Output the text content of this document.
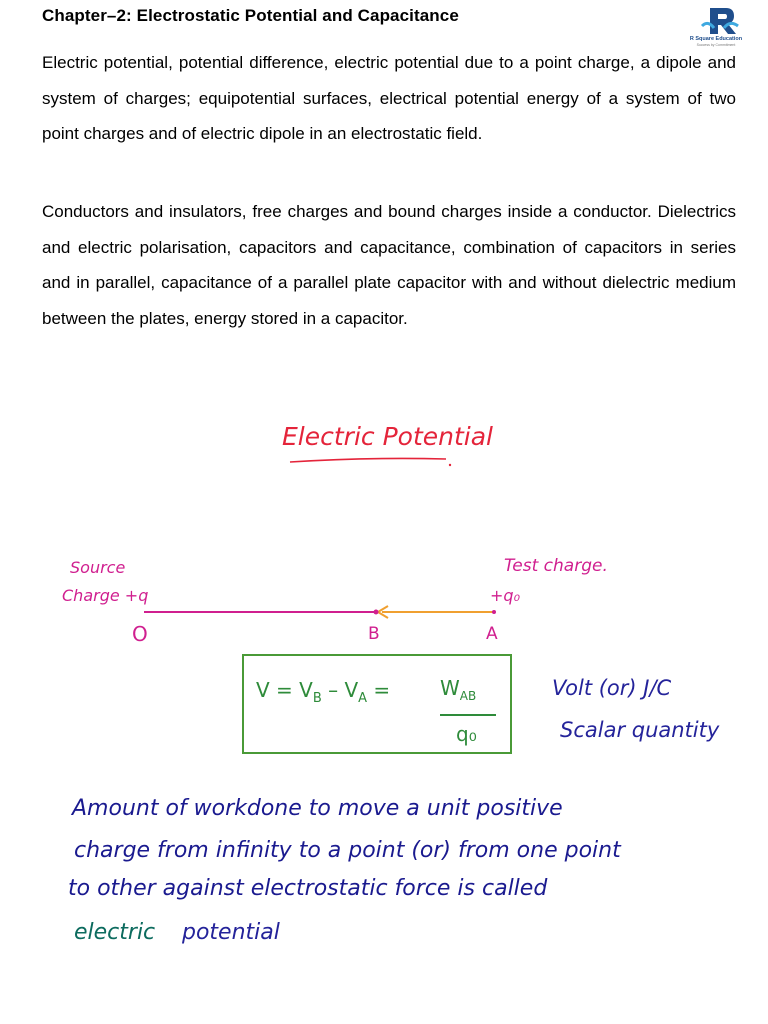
Chapter–2: Electrostatic Potential and Capacitance
R Square Education
Success by Commitment

Electric potential, potential difference, electric potential due to a point charge, a dipole and system of charges; equipotential surfaces, electrical potential energy of a system of two point charges and of electric dipole in an electrostatic field.

Conductors and insulators, free charges and bound charges inside a conductor. Dielectrics and electric polarisation, capacitors and capacitance, combination of capacitors in series and in parallel, capacitance of a parallel plate capacitor with and without dielectric medium between the plates, energy stored in a capacitor.

Electric Potential
Source
Charge +q
Test charge.
+q₀
O	B	A
$V = V_B - V_A = W_{AB}$
q₀
Volt (or) J/C
Scalar quantity
Amount of workdone to move a unit positive
charge from infinity to a point (or) from one point
to other against electrostatic force is called
electric potential
